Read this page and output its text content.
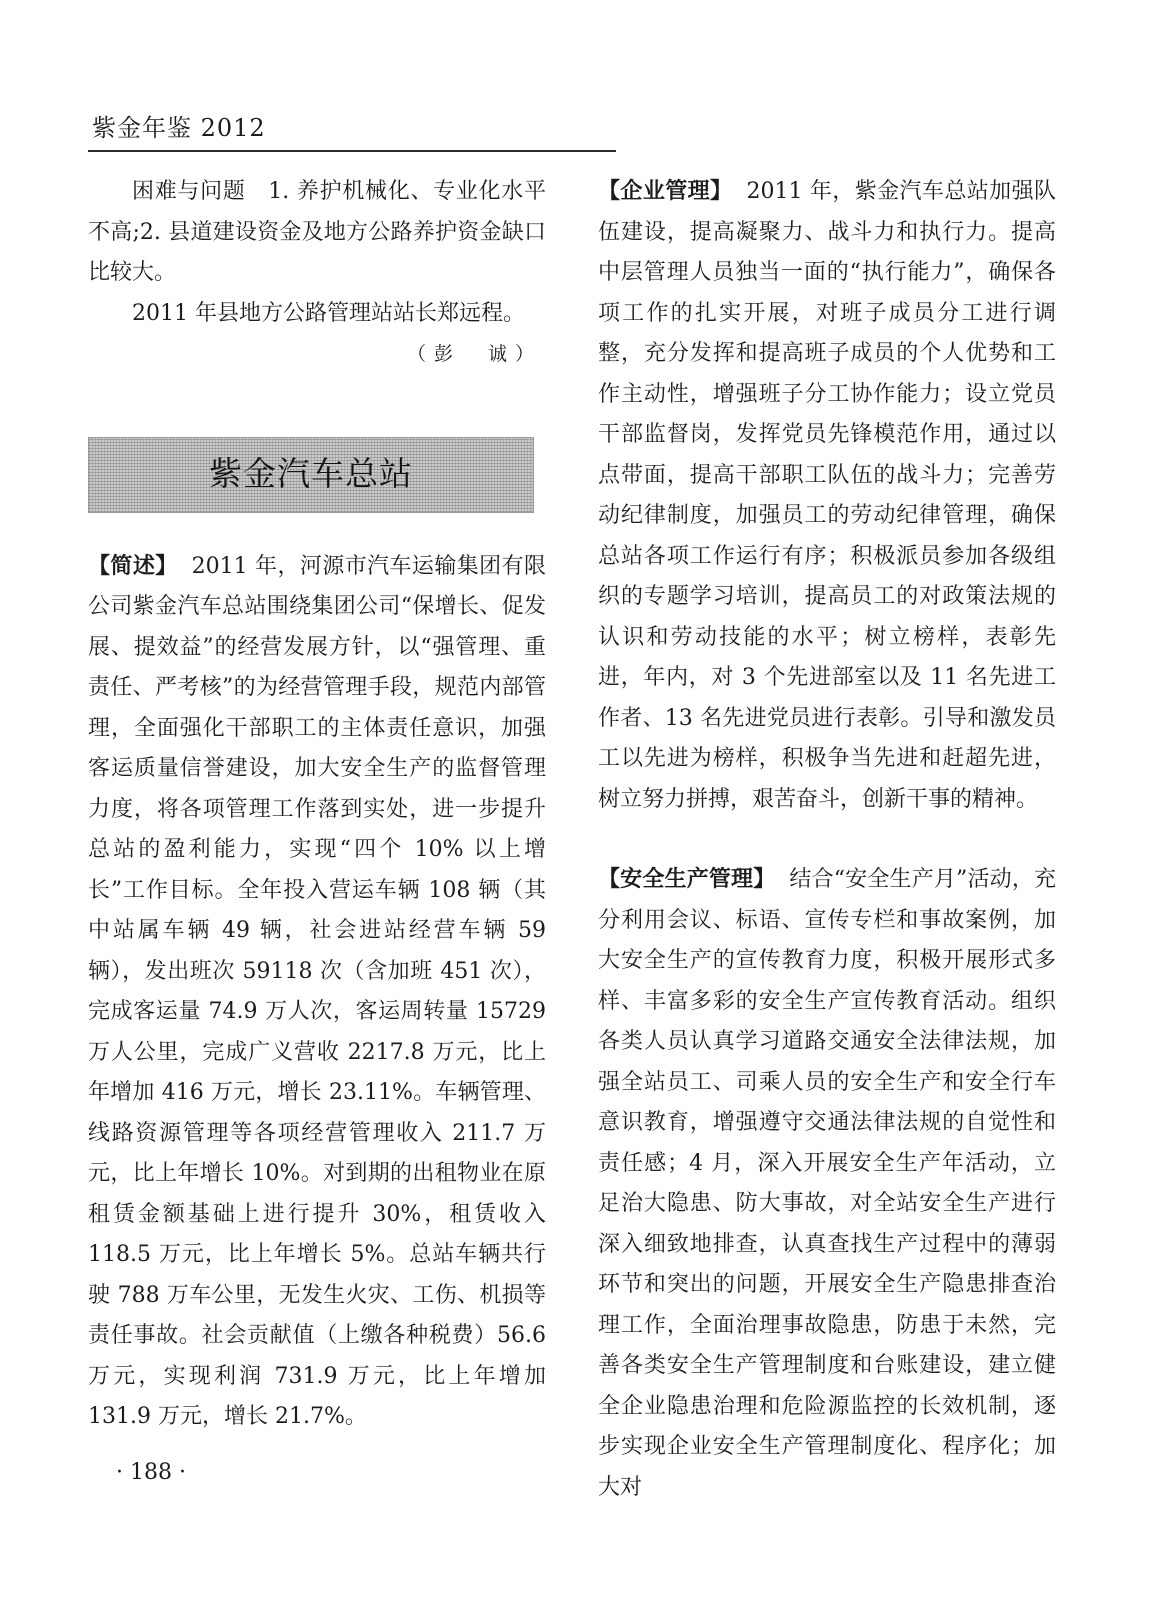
紫金年鉴 2012

困难与问题　1. 养护机械化、专业化水平不高;2. 县道建设资金及地方公路养护资金缺口比较大。

2011 年县地方公路管理站站长郑远程。

（彭　诚）
紫金汽车总站

【简述】 2011 年，河源市汽车运输集团有限公司紫金汽车总站围绕集团公司“保增长、促发展、提效益”的经营发展方针，以“强管理、重责任、严考核”的为经营管理手段，规范内部管理，全面强化干部职工的主体责任意识，加强客运质量信誉建设，加大安全生产的监督管理力度，将各项管理工作落到实处，进一步提升总站的盈利能力，实现“四个 10% 以上增长”工作目标。全年投入营运车辆 108 辆（其中站属车辆 49 辆，社会进站经营车辆 59 辆），发出班次 59118 次（含加班 451 次），完成客运量 74.9 万人次，客运周转量 15729 万人公里，完成广义营收 2217.8 万元，比上年增加 416 万元，增长 23.11%。车辆管理、线路资源管理等各项经营管理收入 211.7 万元，比上年增长 10%。对到期的出租物业在原租赁金额基础上进行提升 30%，租赁收入 118.5 万元，比上年增长 5%。总站车辆共行驶 788 万车公里，无发生火灾、工伤、机损等责任事故。社会贡献值（上缴各种税费）56.6 万元，实现利润 731.9 万元，比上年增加 131.9 万元，增长 21.7%。

【企业管理】 2011 年，紫金汽车总站加强队伍建设，提高凝聚力、战斗力和执行力。提高中层管理人员独当一面的“执行能力”，确保各项工作的扎实开展，对班子成员分工进行调整，充分发挥和提高班子成员的个人优势和工作主动性，增强班子分工协作能力；设立党员干部监督岗，发挥党员先锋模范作用，通过以点带面，提高干部职工队伍的战斗力；完善劳动纪律制度，加强员工的劳动纪律管理，确保总站各项工作运行有序；积极派员参加各级组织的专题学习培训，提高员工的对政策法规的认识和劳动技能的水平；树立榜样，表彰先进，年内，对 3 个先进部室以及 11 名先进工作者、13 名先进党员进行表彰。引导和激发员工以先进为榜样，积极争当先进和赶超先进，树立努力拼搏，艰苦奋斗，创新干事的精神。

【安全生产管理】 结合“安全生产月”活动，充分利用会议、标语、宣传专栏和事故案例，加大安全生产的宣传教育力度，积极开展形式多样、丰富多彩的安全生产宣传教育活动。组织各类人员认真学习道路交通安全法律法规，加强全站员工、司乘人员的安全生产和安全行车意识教育，增强遵守交通法律法规的自觉性和责任感；4 月，深入开展安全生产年活动，立足治大隐患、防大事故，对全站安全生产进行深入细致地排查，认真查找生产过程中的薄弱环节和突出的问题，开展安全生产隐患排查治理工作，全面治理事故隐患，防患于未然，完善各类安全生产管理制度和台账建设，建立健全企业隐患治理和危险源监控的长效机制，逐步实现企业安全生产管理制度化、程序化；加大对

· 188 ·
